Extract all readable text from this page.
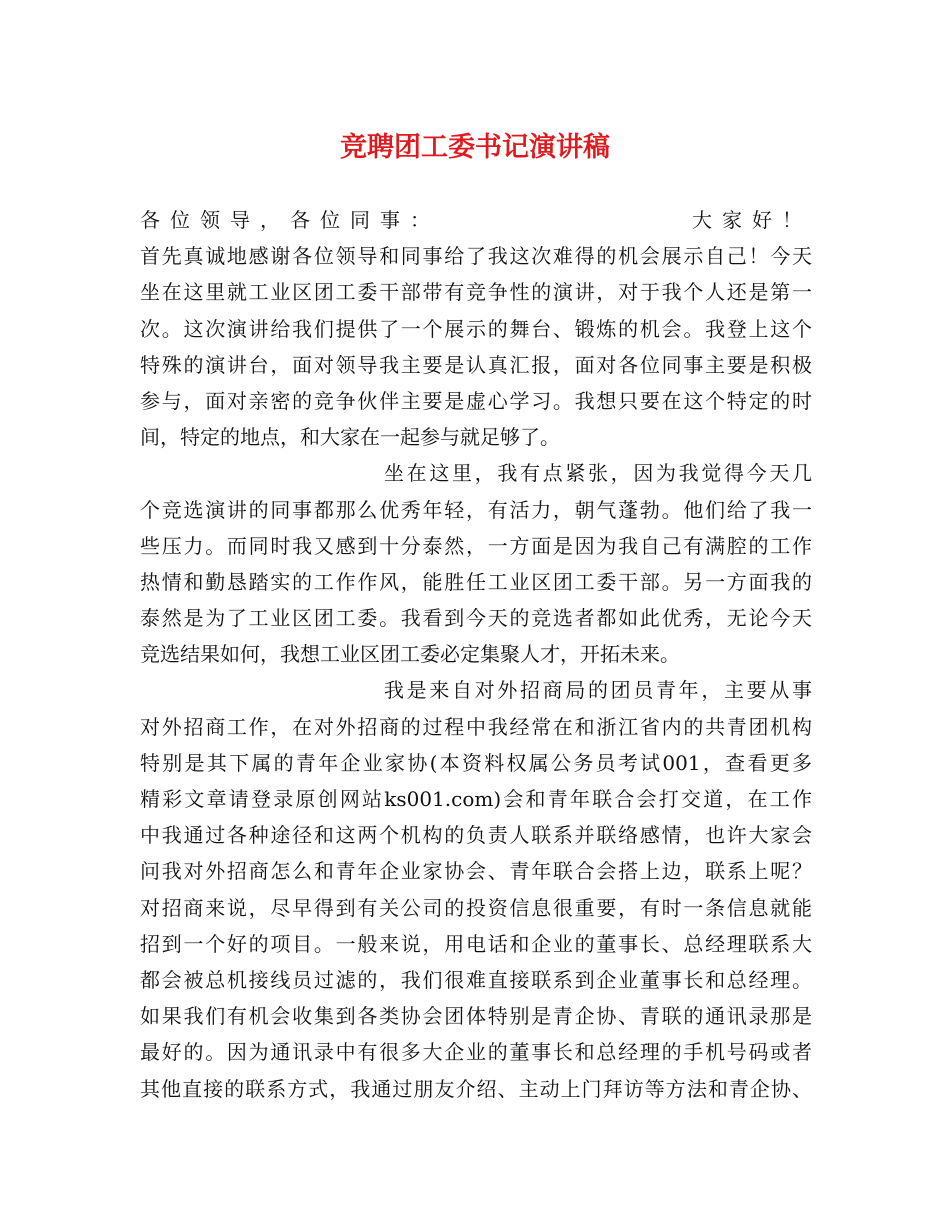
竞聘团工委书记演讲稿
各位领导，各位同事：	大家好！
首先真诚地感谢各位领导和同事给了我这次难得的机会展示自己！今天
坐在这里就工业区团工委干部带有竞争性的演讲，对于我个人还是第一
次。这次演讲给我们提供了一个展示的舞台、锻炼的机会。我登上这个
特殊的演讲台，面对领导我主要是认真汇报，面对各位同事主要是积极
参与，面对亲密的竞争伙伴主要是虚心学习。我想只要在这个特定的时
间，特定的地点，和大家在一起参与就足够了。
坐在这里，我有点紧张，因为我觉得今天几
个竞选演讲的同事都那么优秀年轻，有活力，朝气蓬勃。他们给了我一
些压力。而同时我又感到十分泰然，一方面是因为我自己有满腔的工作
热情和勤恳踏实的工作作风，能胜任工业区团工委干部。另一方面我的
泰然是为了工业区团工委。我看到今天的竞选者都如此优秀，无论今天
竞选结果如何，我想工业区团工委必定集聚人才，开拓未来。
我是来自对外招商局的团员青年，主要从事
对外招商工作，在对外招商的过程中我经常在和浙江省内的共青团机构
特别是其下属的青年企业家协(本资料权属公务员考试001，查看更多
精彩文章请登录原创网站ks001.com)会和青年联合会打交道，在工作
中我通过各种途径和这两个机构的负责人联系并联络感情，也许大家会
问我对外招商怎么和青年企业家协会、青年联合会搭上边，联系上呢？
对招商来说，尽早得到有关公司的投资信息很重要，有时一条信息就能
招到一个好的项目。一般来说，用电话和企业的董事长、总经理联系大
都会被总机接线员过滤的，我们很难直接联系到企业董事长和总经理。
如果我们有机会收集到各类协会团体特别是青企协、青联的通讯录那是
最好的。因为通讯录中有很多大企业的董事长和总经理的手机号码或者
其他直接的联系方式，我通过朋友介绍、主动上门拜访等方法和青企协、
